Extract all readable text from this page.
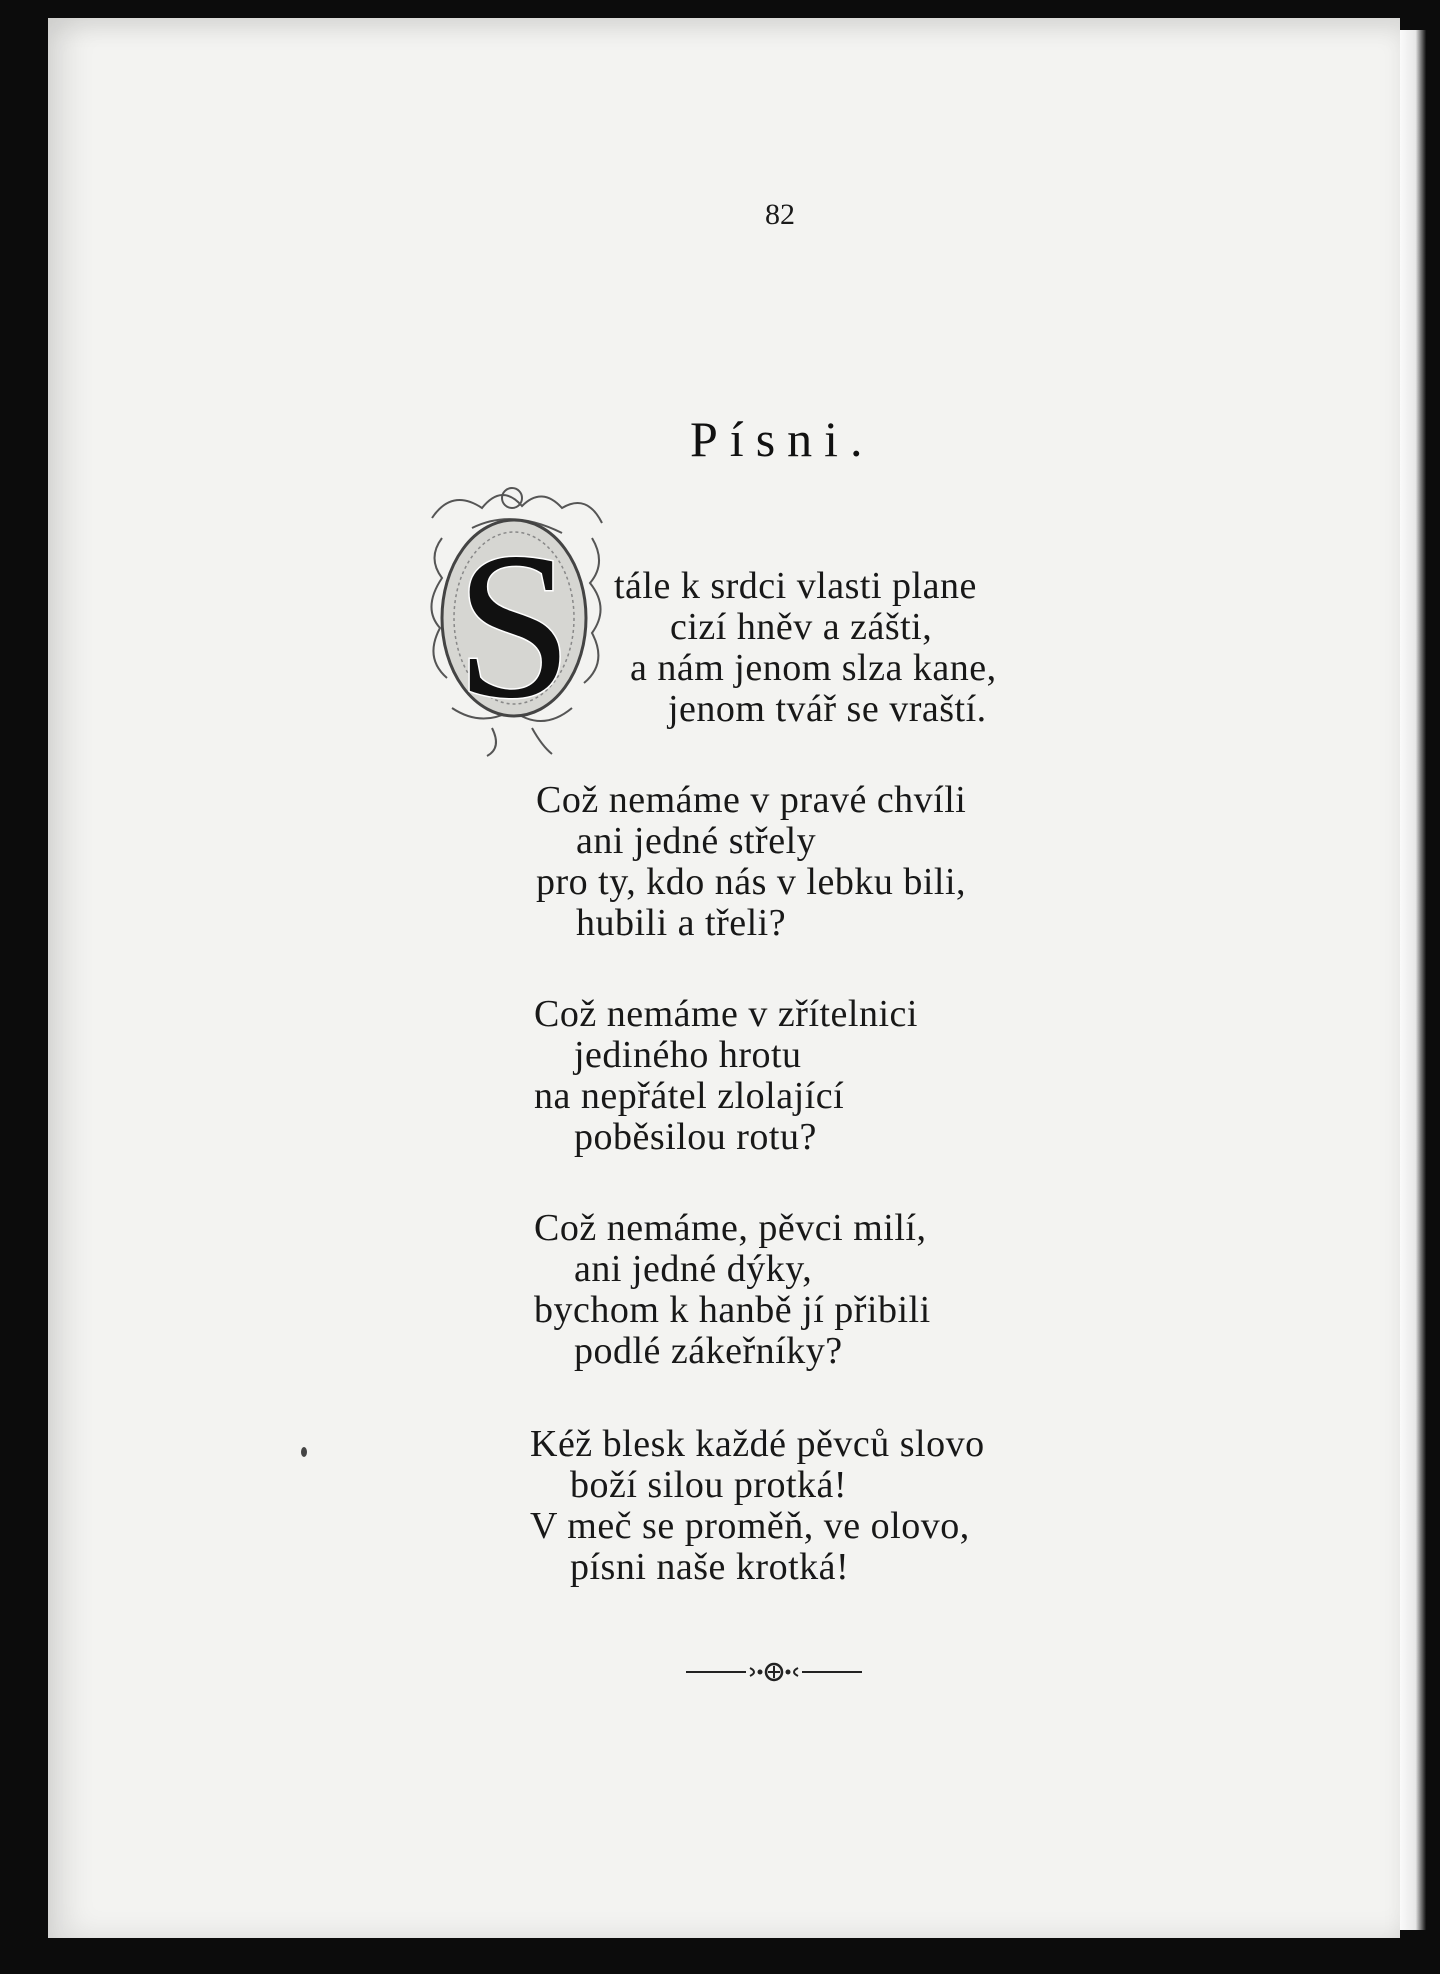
82
Písni.
S tále k srdci vlasti plane
cizí hněv a zášti,
a nám jenom slza kane,
jenom tvář se vraští.
Což nemáme v pravé chvíli
ani jedné střely
pro ty, kdo nás v lebku bili,
hubili a třeli?
Což nemáme v zřítelnici
jediného hrotu
na nepřátel zlolající
poběsilou rotu?
Což nemáme, pěvci milí,
ani jedné dýky,
bychom k hanbě jí přibili
podlé zákeřníky?
Kéž blesk každé pěvců slovo
boží silou protká!
V meč se proměň, ve olovo,
písni naše krotká!
